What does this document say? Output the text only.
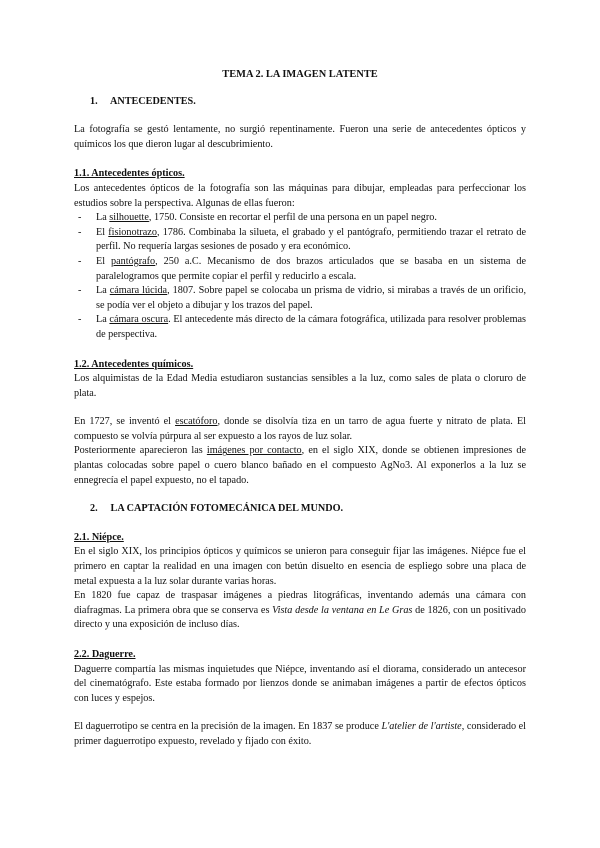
TEMA 2. LA IMAGEN LATENTE
1. ANTECEDENTES.

La fotografía se gestó lentamente, no surgió repentinamente. Fueron una serie de antecedentes ópticos y químicos los que dieron lugar al descubrimiento.

1.1. Antecedentes ópticos.

Los antecedentes ópticos de la fotografía son las máquinas para dibujar, empleadas para perfeccionar los estudios sobre la perspectiva. Algunas de ellas fueron:

- La silhouette, 1750. Consiste en recortar el perfil de una persona en un papel negro.
- El fisionotrazo, 1786. Combinaba la silueta, el grabado y el pantógrafo, permitiendo trazar el retrato de perfil. No requería largas sesiones de posado y era económico.
- El pantógrafo, 250 a.C. Mecanismo de dos brazos articulados que se basaba en un sistema de paralelogramos que permite copiar el perfil y reducirlo a escala.
- La cámara lúcida, 1807. Sobre papel se colocaba un prisma de vidrio, si mirabas a través de un orificio, se podía ver el objeto a dibujar y los trazos del papel.
- La cámara oscura. El antecedente más directo de la cámara fotográfica, utilizada para resolver problemas de perspectiva.
1.2. Antecedentes químicos.

Los alquimistas de la Edad Media estudiaron sustancias sensibles a la luz, como sales de plata o cloruro de plata.

En 1727, se inventó el escatóforo, donde se disolvía tiza en un tarro de agua fuerte y nitrato de plata. El compuesto se volvía púrpura al ser expuesto a los rayos de luz solar.

Posteriormente aparecieron las imágenes por contacto, en el siglo XIX, donde se obtienen impresiones de plantas colocadas sobre papel o cuero blanco bañado en el compuesto AgNo3. Al exponerlos a la luz se ennegrecía el papel expuesto, no el tapado.

2. LA CAPTACIÓN FOTOMECÁNICA DEL MUNDO.
2.1. Niépce.

En el siglo XIX, los principios ópticos y químicos se unieron para conseguir fijar las imágenes. Niépce fue el primero en captar la realidad en una imagen con betún disuelto en esencia de espliego sobre una placa de metal expuesta a la luz solar durante varias horas.

En 1820 fue capaz de traspasar imágenes a piedras litográficas, inventando además una cámara con diafragmas. La primera obra que se conserva es Vista desde la ventana en Le Gras de 1826, con un positivado directo y una exposición de incluso días.

2.2. Daguerre.

Daguerre compartía las mismas inquietudes que Niépce, inventando así el diorama, considerado un antecesor del cinematógrafo. Este estaba formado por lienzos donde se animaban imágenes a partir de efectos ópticos con luces y espejos.

El daguerrotipo se centra en la precisión de la imagen. En 1837 se produce L'atelier de l'artiste, considerado el primer daguerrotipo expuesto, revelado y fijado con éxito.
